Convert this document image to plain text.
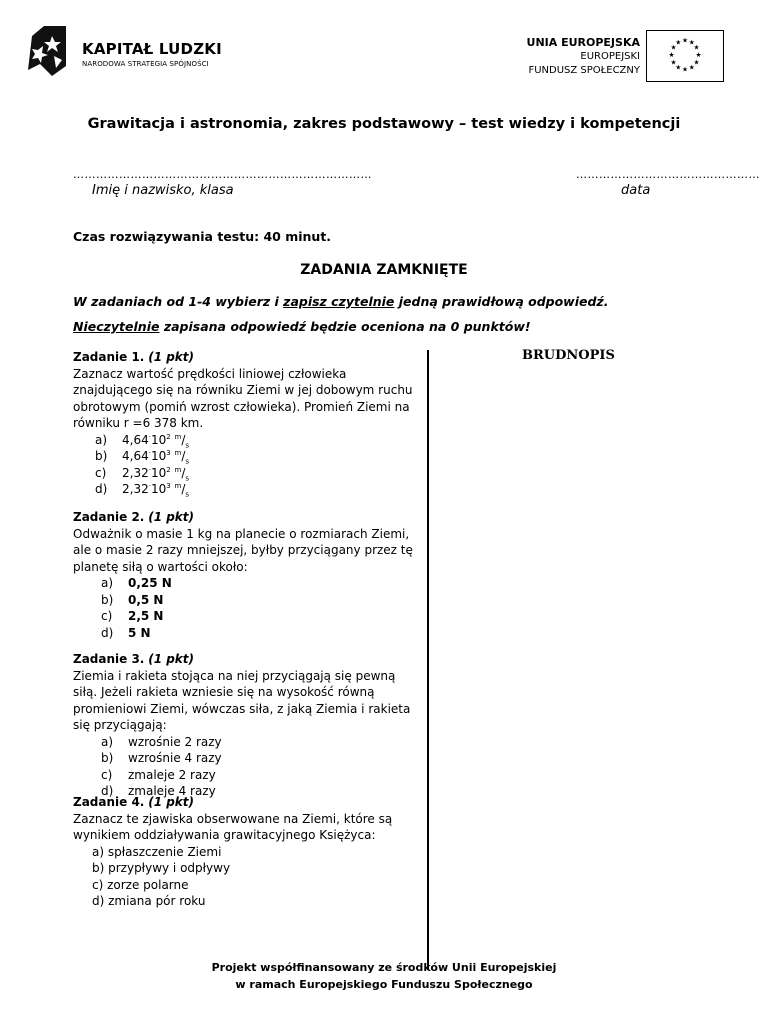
KAPITAŁ LUDZKI
NARODOWA STRATEGIA SPÓJNOŚCI
UNIA EUROPEJSKA
EUROPEJSKI
FUNDUSZ SPOŁECZNY
★ ★
★
★
★
★
★
★
★
★
★
★
Grawitacja i astronomia, zakres podstawowy – test wiedzy i kompetencji
……………………………………………………………………
Imię i nazwisko, klasa
…………………………………………
data
Czas rozwiązywania testu: 40 minut.
ZADANIA ZAMKNIĘTE
W zadaniach od 1-4 wybierz i zapisz czytelnie jedną prawidłową odpowiedź.
Nieczytelnie zapisana odpowiedź będzie oceniona na 0 punktów!
BRUDNOPIS
Zadanie 1. (1 pkt)
Zaznacz wartość prędkości liniowej człowieka znajdującego się na równiku Ziemi w jej dobowym ruchu obrotowym (pomiń wzrost człowieka). Promień Ziemi na równiku r =6 378 km.
a)	$4,64^\cdot 10^2$ $^m/_s$
b)	$4,64^\cdot 10^3$ $^m/_s$
c)	$2,32^\cdot 10^2$ $^m/_s$
d)	$2,32^\cdot 10^3$ $^m/_s$
Zadanie 2. (1 pkt)
Odważnik o masie 1 kg na planecie o rozmiarach Ziemi, ale o masie 2 razy mniejszej, byłby przyciągany przez tę planetę siłą o wartości około:
a)	0,25 N
b)	0,5 N
c)	2,5 N
d)	5 N
Zadanie 3. (1 pkt)
Ziemia i rakieta stojąca na niej przyciągają się pewną siłą. Jeżeli rakieta wzniesie się na wysokość równą promieniowi Ziemi, wówczas siła, z jaką Ziemia i rakieta się przyciągają:
a)	wzrośnie 2 razy
b)	wzrośnie 4 razy
c)	zmaleje 2 razy
d)	zmaleje 4 razy
Zadanie 4. (1 pkt)
Zaznacz te zjawiska obserwowane na Ziemi, które są wynikiem oddziaływania grawitacyjnego Księżyca:
a) spłaszczenie Ziemi
b) przypływy i odpływy
c) zorze polarne
d) zmiana pór roku
Projekt współfinansowany ze środków Unii Europejskiej
w ramach Europejskiego Funduszu Społecznego
